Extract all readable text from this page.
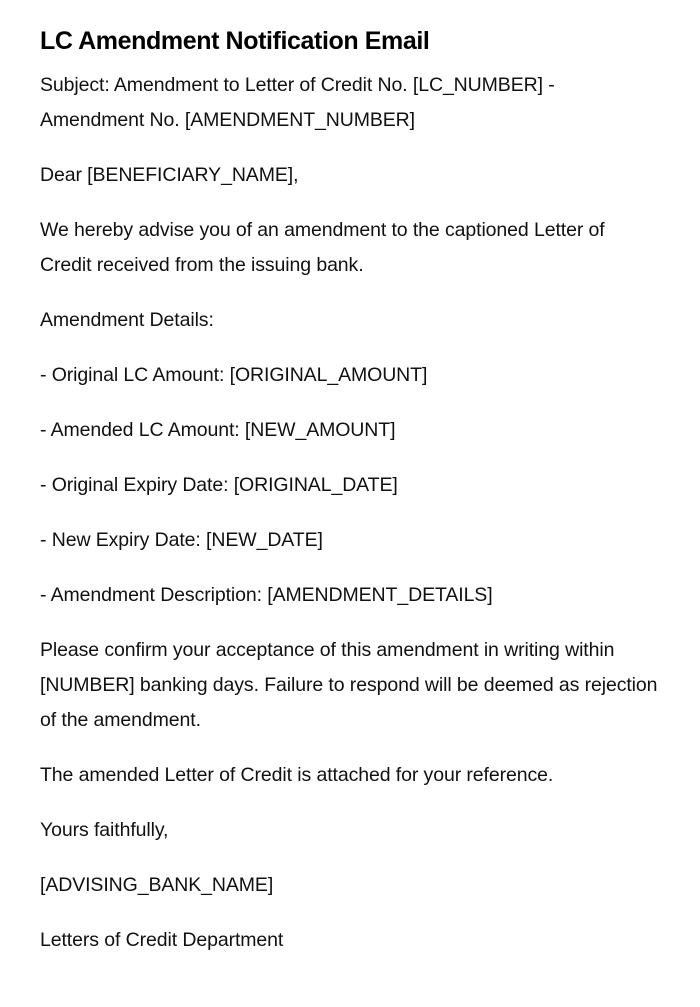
LC Amendment Notification Email

Subject: Amendment to Letter of Credit No. [LC_NUMBER] - Amendment No. [AMENDMENT_NUMBER]

Dear [BENEFICIARY_NAME],

We hereby advise you of an amendment to the captioned Letter of Credit received from the issuing bank.

Amendment Details:

- Original LC Amount: [ORIGINAL_AMOUNT]

- Amended LC Amount: [NEW_AMOUNT]

- Original Expiry Date: [ORIGINAL_DATE]

- New Expiry Date: [NEW_DATE]

- Amendment Description: [AMENDMENT_DETAILS]

Please confirm your acceptance of this amendment in writing within [NUMBER] banking days. Failure to respond will be deemed as rejection of the amendment.

The amended Letter of Credit is attached for your reference.

Yours faithfully,

[ADVISING_BANK_NAME]

Letters of Credit Department
